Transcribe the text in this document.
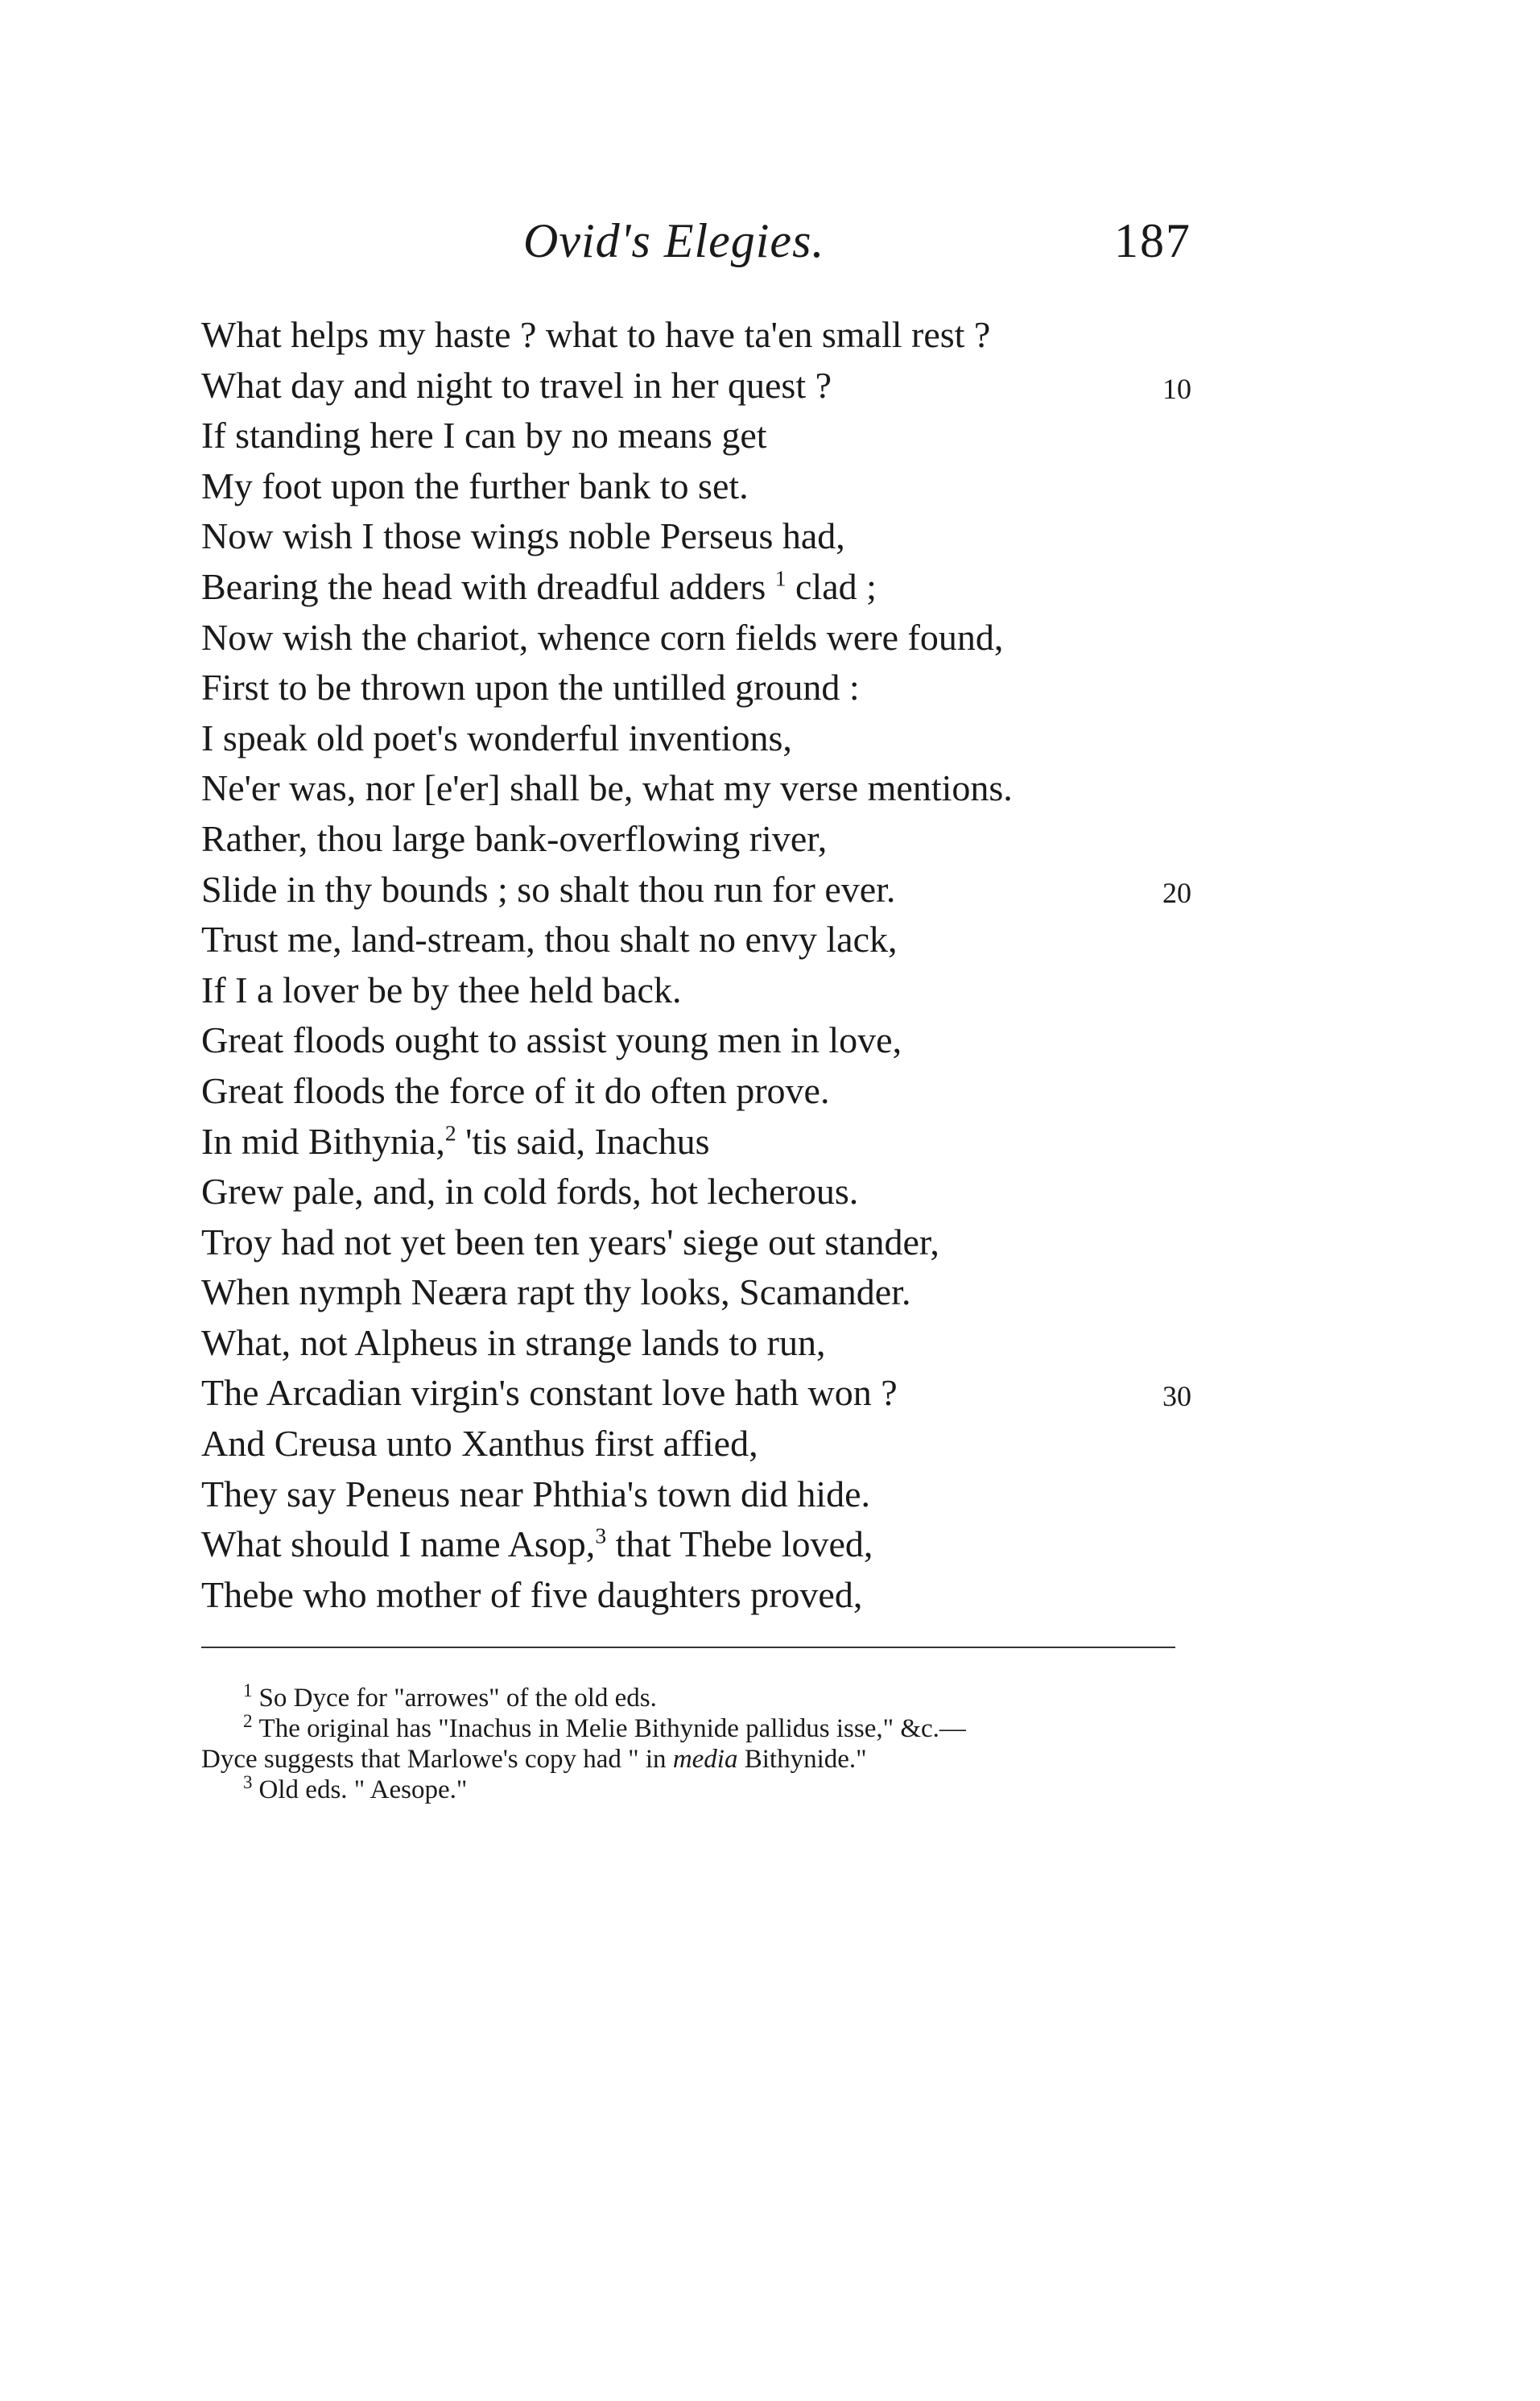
Ovid's Elegies.	187
What helps my haste ? what to have ta'en small rest ?
What day and night to travel in her quest ?	10
If standing here I can by no means get
My foot upon the further bank to set.
Now wish I those wings noble Perseus had,
Bearing the head with dreadful adders $^1$ clad ;
Now wish the chariot, whence corn fields were found,
First to be thrown upon the untilled ground :
I speak old poet's wonderful inventions,
Ne'er was, nor [e'er] shall be, what my verse mentions.
Rather, thou large bank-overflowing river,
Slide in thy bounds ; so shalt thou run for ever.	20
Trust me, land-stream, thou shalt no envy lack,
If I a lover be by thee held back.
Great floods ought to assist young men in love,
Great floods the force of it do often prove.
In mid Bithynia,$^2$ 'tis said, Inachus
Grew pale, and, in cold fords, hot lecherous.
Troy had not yet been ten years' siege out stander,
When nymph Neæra rapt thy looks, Scamander.
What, not Alpheus in strange lands to run,
The Arcadian virgin's constant love hath won ?	30
And Creusa unto Xanthus first affied,
They say Peneus near Phthia's town did hide.
What should I name Asop,$^3$ that Thebe loved,
Thebe who mother of five daughters proved,
$^1$ So Dyce for "arrowes" of the old eds.
$^2$ The original has "Inachus in Melie Bithynide pallidus isse," &c.—
Dyce suggests that Marlowe's copy had " in media Bithynide."
$^3$ Old eds. " Aesope."
